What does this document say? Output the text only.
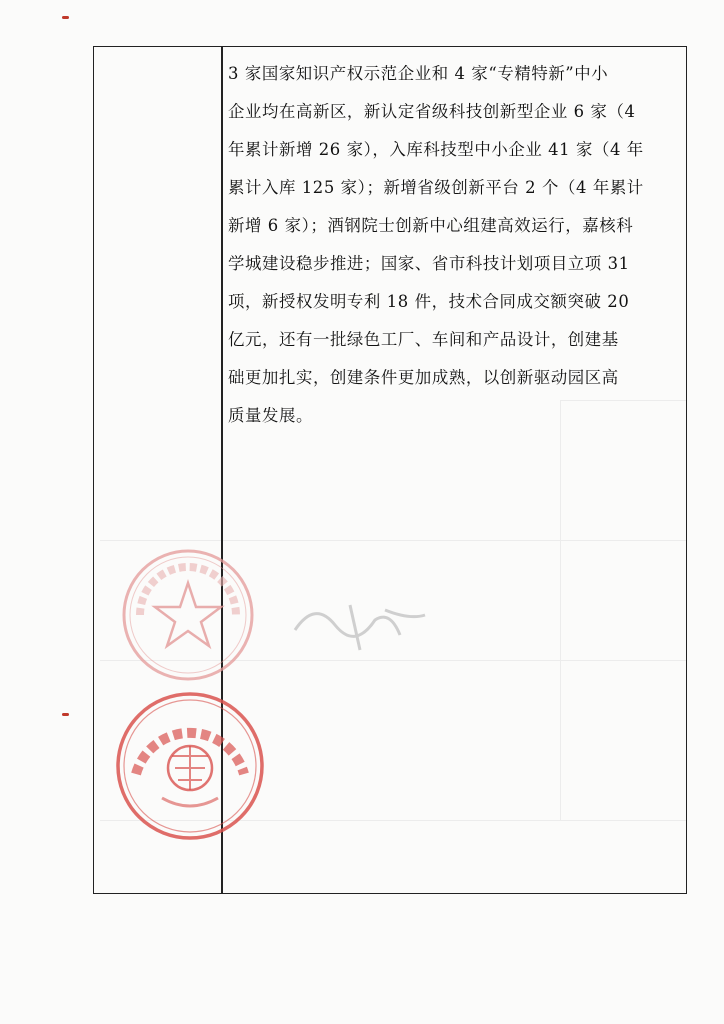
3 家国家知识产权示范企业和 4 家“专精特新”中小
企业均在高新区，新认定省级科技创新型企业 6 家（4
年累计新增 26 家），入库科技型中小企业 41 家（4 年
累计入库 125 家）；新增省级创新平台 2 个（4 年累计
新增 6 家）；酒钢院士创新中心组建高效运行，嘉核科
学城建设稳步推进；国家、省市科技计划项目立项 31
项，新授权发明专利 18 件，技术合同成交额突破 20
亿元，还有一批绿色工厂、车间和产品设计，创建基
础更加扎实，创建条件更加成熟，以创新驱动园区高
质量发展。
